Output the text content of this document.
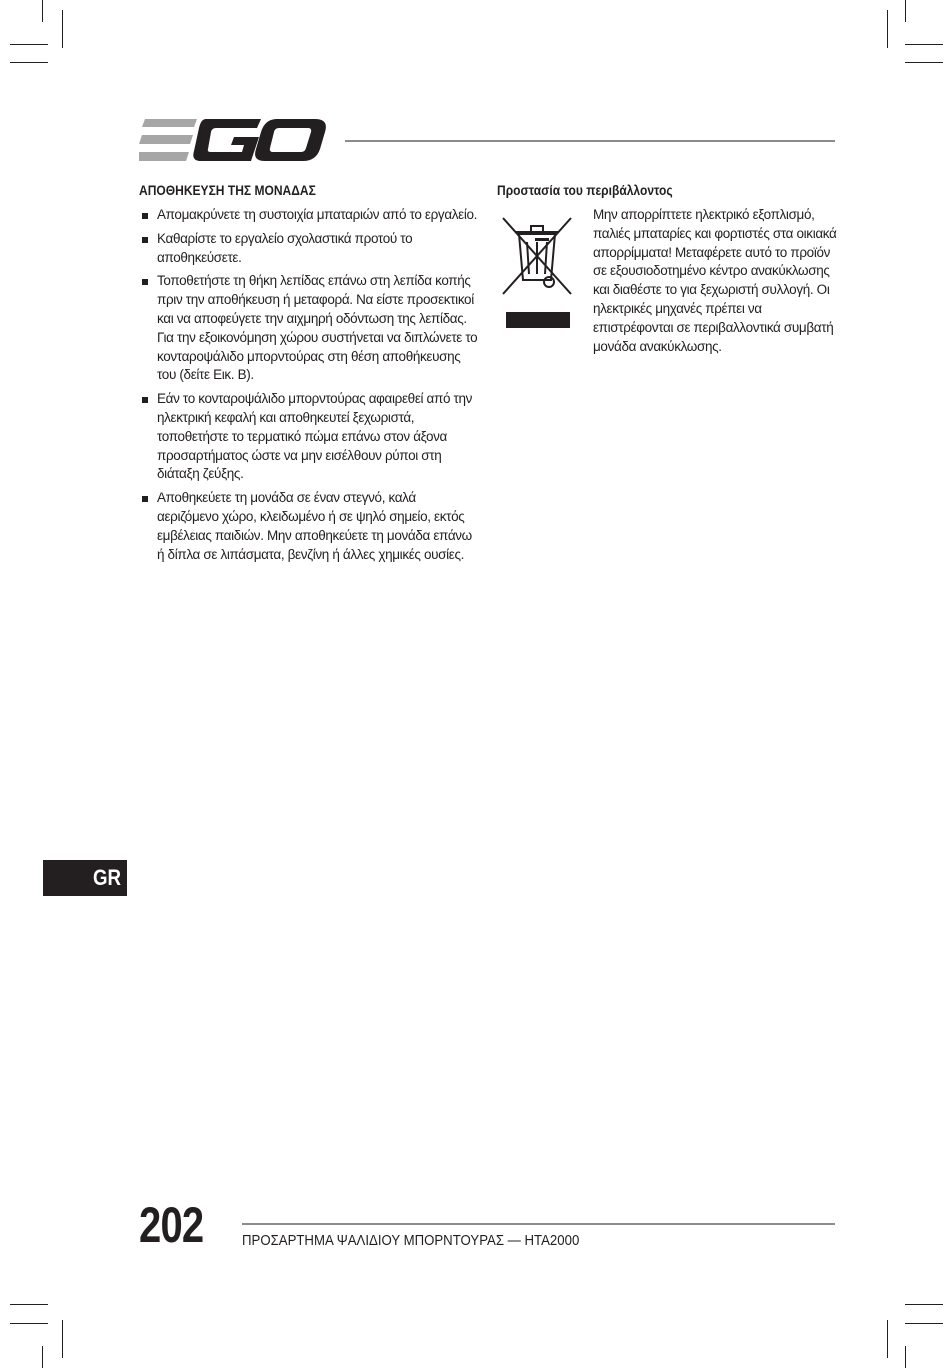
ΑΠΟΘΗΚΕΥΣΗ ΤΗΣ ΜΟΝΑΔΑΣ
Απομακρύνετε τη συστοιχία μπαταριών από το εργαλείο.
Καθαρίστε το εργαλείο σχολαστικά προτού το αποθηκεύσετε.
Τοποθετήστε τη θήκη λεπίδας επάνω στη λεπίδα κοπής πριν την αποθήκευση ή μεταφορά. Να είστε προσεκτικοί και να αποφεύγετε την αιχμηρή οδόντωση της λεπίδας. Για την εξοικονόμηση χώρου συστήνεται να διπλώνετε το κονταροψάλιδο μπορντούρας στη θέση αποθήκευσης του (δείτε Εικ. Β).
Εάν το κονταροψάλιδο μπορντούρας αφαιρεθεί από την ηλεκτρική κεφαλή και αποθηκευτεί ξεχωριστά, τοποθετήστε το τερματικό πώμα επάνω στον άξονα προσαρτήματος ώστε να μην εισέλθουν ρύποι στη διάταξη ζεύξης.
Αποθηκεύετε τη μονάδα σε έναν στεγνό, καλά αεριζόμενο χώρο, κλειδωμένο ή σε ψηλό σημείο, εκτός εμβέλειας παιδιών. Μην αποθηκεύετε τη μονάδα επάνω ή δίπλα σε λιπάσματα, βενζίνη ή άλλες χημικές ουσίες.
Προστασία του περιβάλλοντος
Μην απορρίπτετε ηλεκτρικό εξοπλισμό, παλιές μπαταρίες και φορτιστές στα οικιακά απορρίμματα! Μεταφέρετε αυτό το προϊόν σε εξουσιοδοτημένο κέντρο ανακύκλωσης και διαθέστε το για ξεχωριστή συλλογή. Οι ηλεκτρικές μηχανές πρέπει να επιστρέφονται σε περιβαλλοντικά συμβατή μονάδα ανακύκλωσης.
GR
202	ΠΡΟΣΑΡΤΗΜΑ ΨΑΛΙΔΙΟΥ ΜΠΟΡΝΤΟΥΡΑΣ — HTA2000
